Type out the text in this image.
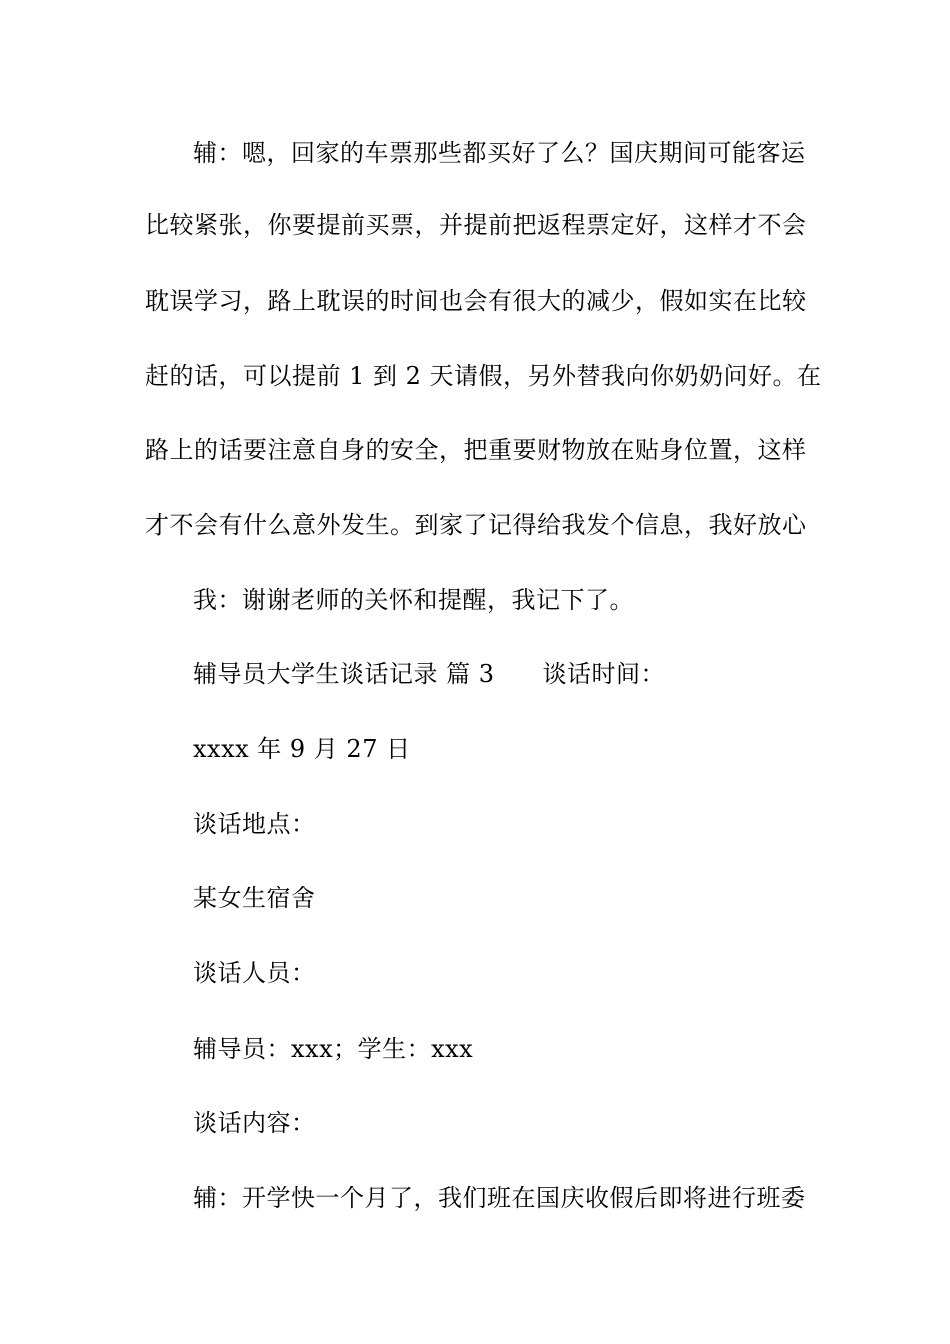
辅：嗯，回家的车票那些都买好了么？国庆期间可能客运
比较紧张，你要提前买票，并提前把返程票定好，这样才不会
耽误学习，路上耽误的时间也会有很大的减少，假如实在比较
赶的话，可以提前 1 到 2 天请假，另外替我向你奶奶问好。在
路上的话要注意自身的安全，把重要财物放在贴身位置，这样
才不会有什么意外发生。到家了记得给我发个信息，我好放心
我：谢谢老师的关怀和提醒，我记下了。
辅导员大学生谈话记录 篇 3 谈话时间：
xxxx 年 9 月 27 日
谈话地点：
某女生宿舍
谈话人员：
辅导员：xxx；学生：xxx
谈话内容：
辅：开学快一个月了，我们班在国庆收假后即将进行班委
